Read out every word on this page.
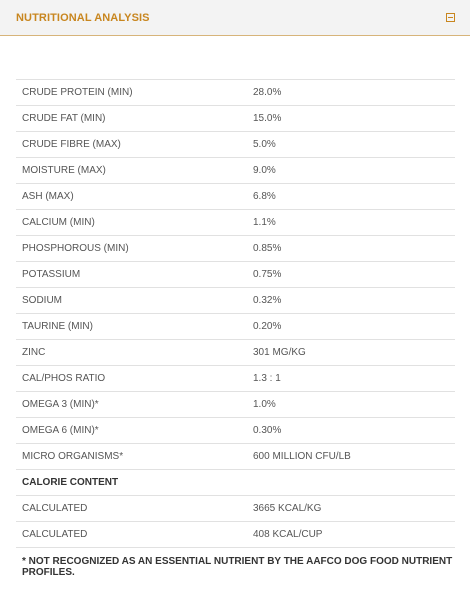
NUTRITIONAL ANALYSIS
CRUDE PROTEIN (MIN)	28.0%
CRUDE FAT (MIN)	15.0%
CRUDE FIBRE (MAX)	5.0%
MOISTURE (MAX)	9.0%
ASH (MAX)	6.8%
CALCIUM (MIN)	1.1%
PHOSPHOROUS (MIN)	0.85%
POTASSIUM	0.75%
SODIUM	0.32%
TAURINE (MIN)	0.20%
ZINC	301 MG/KG
CAL/PHOS RATIO	1.3 : 1
OMEGA 3 (MIN)*	1.0%
OMEGA 6 (MIN)*	0.30%
MICRO ORGANISMS*	600 MILLION CFU/LB
CALORIE CONTENT	
CALCULATED	3665 KCAL/KG
CALCULATED	408 KCAL/CUP
* NOT RECOGNIZED AS AN ESSENTIAL NUTRIENT BY THE AAFCO DOG FOOD NUTRIENT PROFILES.	
